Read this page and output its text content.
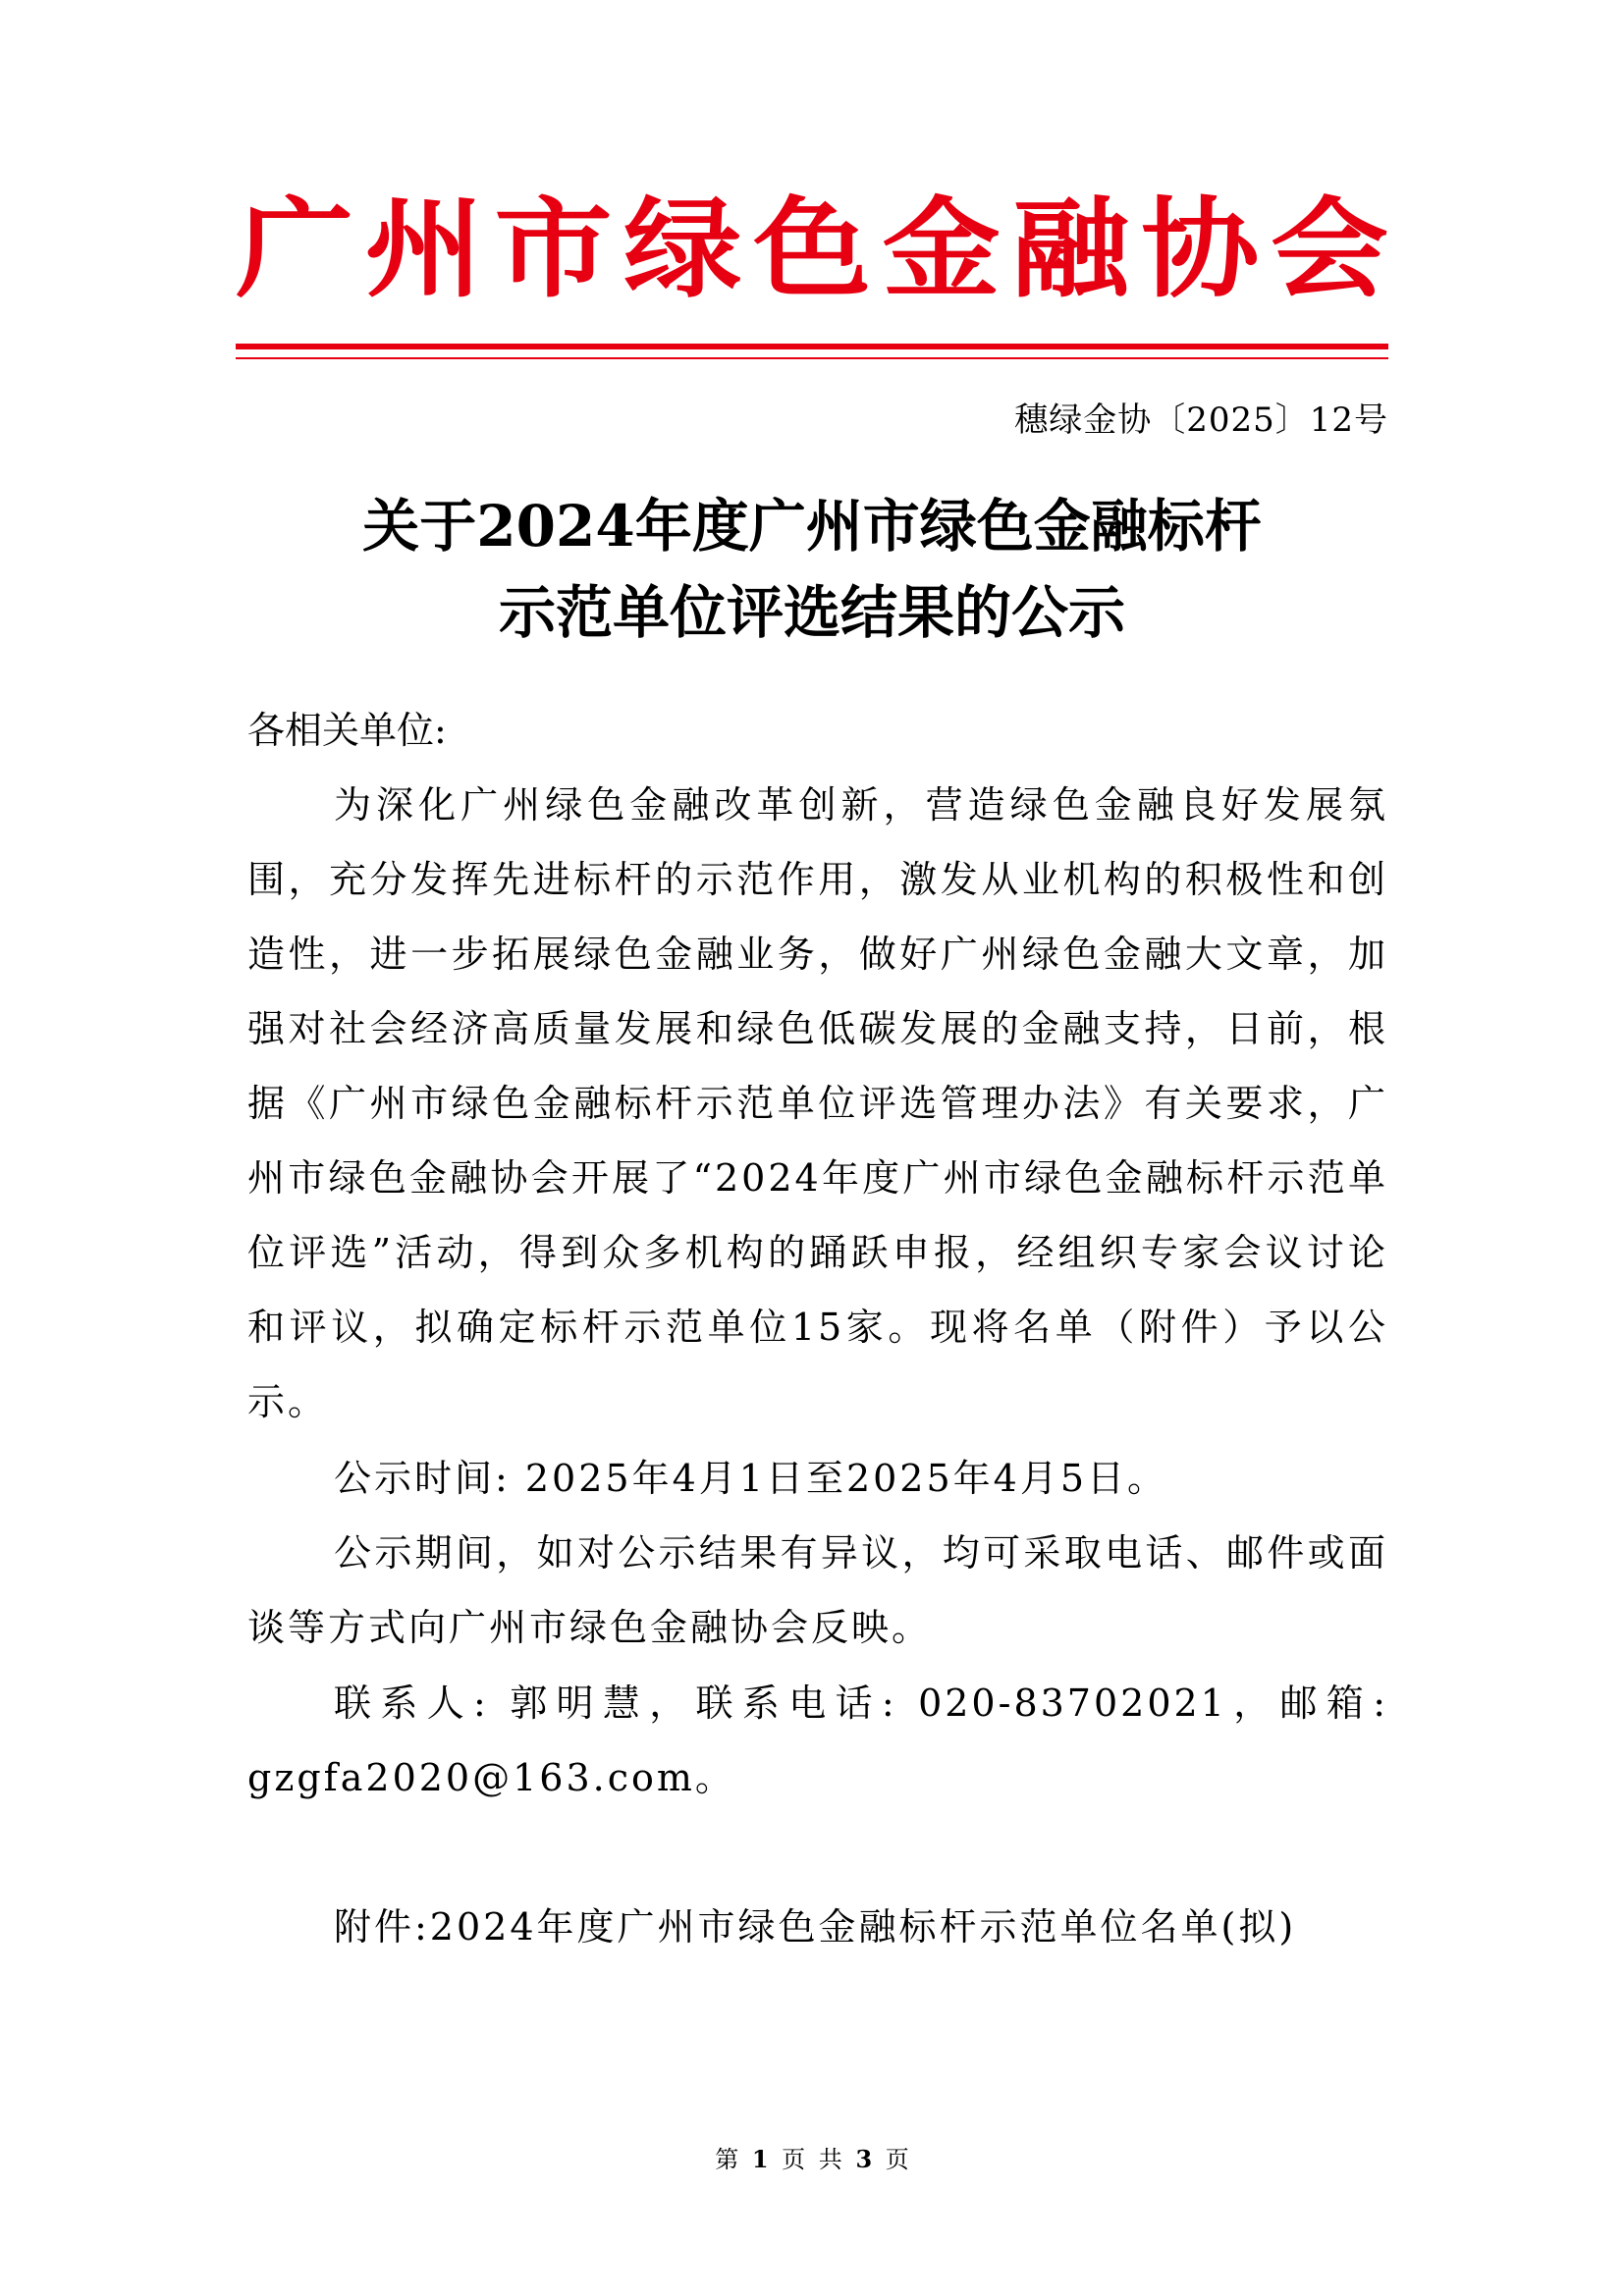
广 州 市 绿 色 金 融 协 会
穗绿金协〔2025〕12号
关于2024年度广州市绿色金融标杆
示范单位评选结果的公示
各相关单位:
为深化广州绿色金融改革创新，营造绿色金融良好发展氛围，充分发挥先进标杆的示范作用，激发从业机构的积极性和创造性，进一步拓展绿色金融业务，做好广州绿色金融大文章，加强对社会经济高质量发展和绿色低碳发展的金融支持，日前，根据《广州市绿色金融标杆示范单位评选管理办法》有关要求，广州市绿色金融协会开展了“2024年度广州市绿色金融标杆示范单位评选”活动，得到众多机构的踊跃申报，经组织专家会议讨论和评议，拟确定标杆示范单位15家。现将名单（附件）予以公示。
公示时间: 2025年4月1日至2025年4月5日。
公示期间，如对公示结果有异议，均可采取电话、邮件或面谈等方式向广州市绿色金融协会反映。
联系人: 郭明慧，联系电话: 020-83702021，邮箱: gzgfa2020@163.com。
附件:2024年度广州市绿色金融标杆示范单位名单(拟)
第 1 页 共 3 页
